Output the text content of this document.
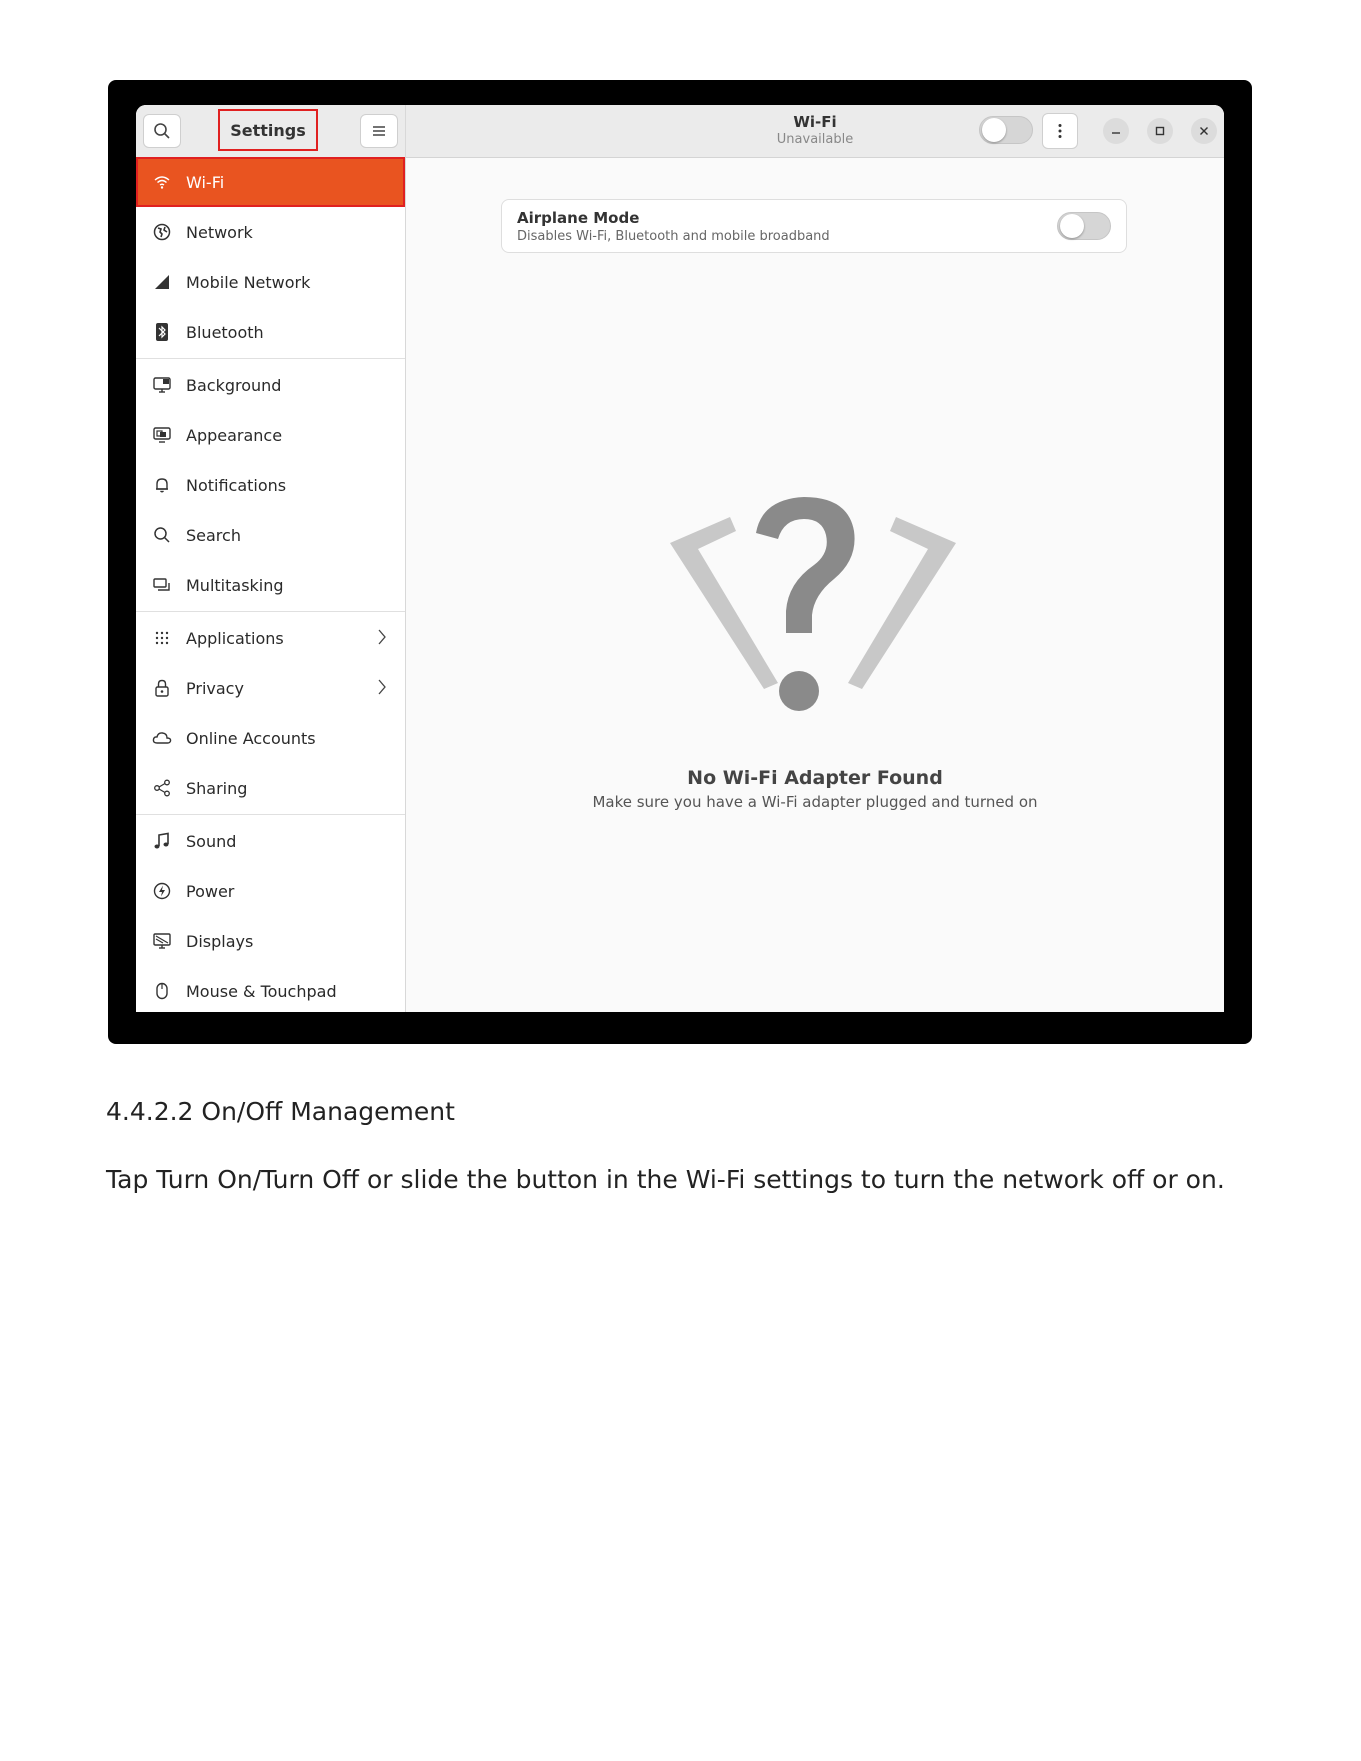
Settings
Wi-Fi
Network
Mobile Network
Bluetooth
Background
Appearance
Notifications
Search
Multitasking
Applications
Privacy
Online Accounts
Sharing
Sound
Power
Displays
Mouse & Touchpad
Wi-Fi
Unavailable
Airplane Mode
Disables Wi-Fi, Bluetooth and mobile broadband
No Wi-Fi Adapter Found
Make sure you have a Wi-Fi adapter plugged and turned on
4.4.2.2 On/Off Management
Tap Turn On/Turn Off or slide the button in the Wi-Fi settings to turn the network off or on.
